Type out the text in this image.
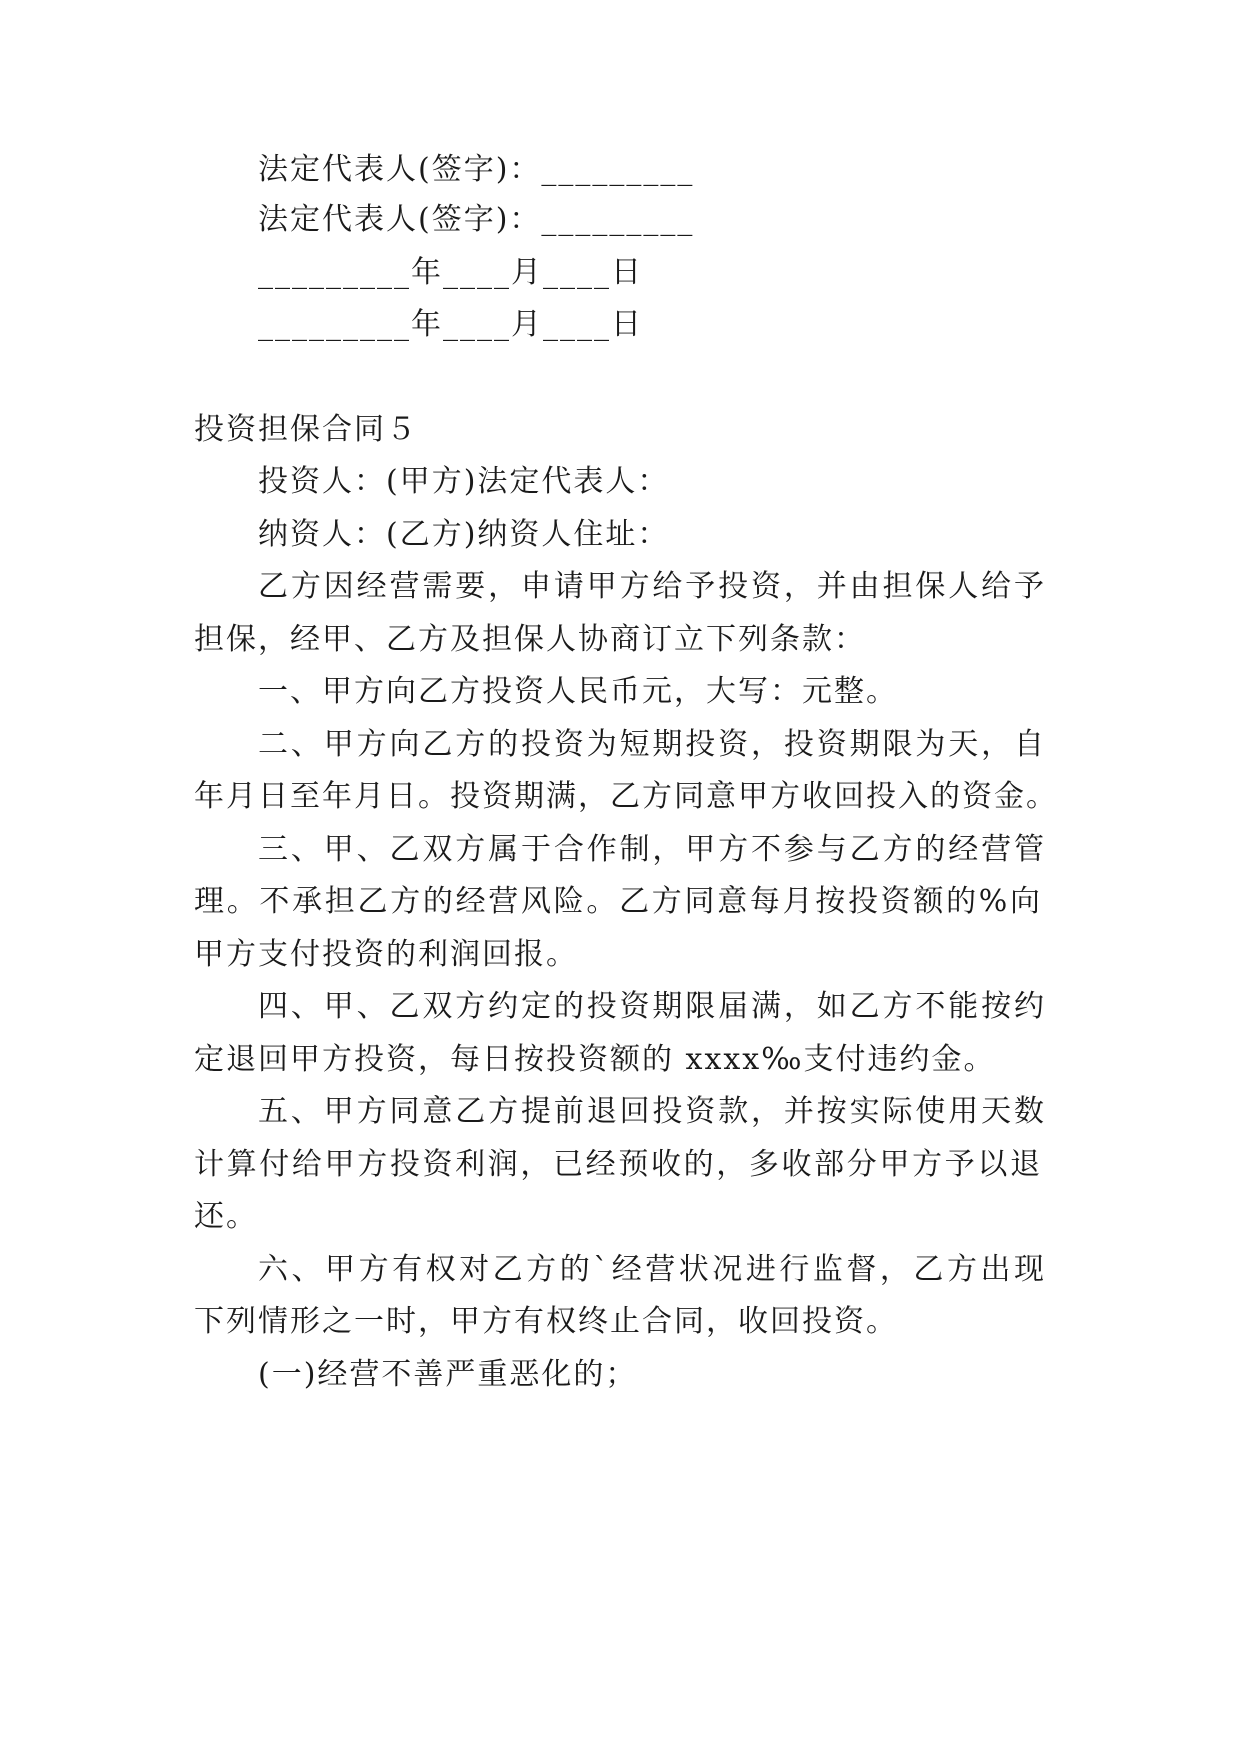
法定代表人(签字)：_________
法定代表人(签字)：_________
_________年____月____日
_________年____月____日
投资担保合同５
投资人：(甲方)法定代表人：
纳资人：(乙方)纳资人住址：
乙方因经营需要，申请甲方给予投资，并由担保人给予
担保，经甲、乙方及担保人协商订立下列条款：
一、甲方向乙方投资人民币元，大写：元整。
二、甲方向乙方的投资为短期投资，投资期限为天，自
年月日至年月日。投资期满，乙方同意甲方收回投入的资金。
三、甲、乙双方属于合作制，甲方不参与乙方的经营管
理。不承担乙方的经营风险。乙方同意每月按投资额的%向
甲方支付投资的利润回报。
四、甲、乙双方约定的投资期限届满，如乙方不能按约
定退回甲方投资，每日按投资额的 xxxx‰支付违约金。
五、甲方同意乙方提前退回投资款，并按实际使用天数
计算付给甲方投资利润，已经预收的，多收部分甲方予以退
还。
六、甲方有权对乙方的`经营状况进行监督，乙方出现
下列情形之一时，甲方有权终止合同，收回投资。
(一)经营不善严重恶化的；
